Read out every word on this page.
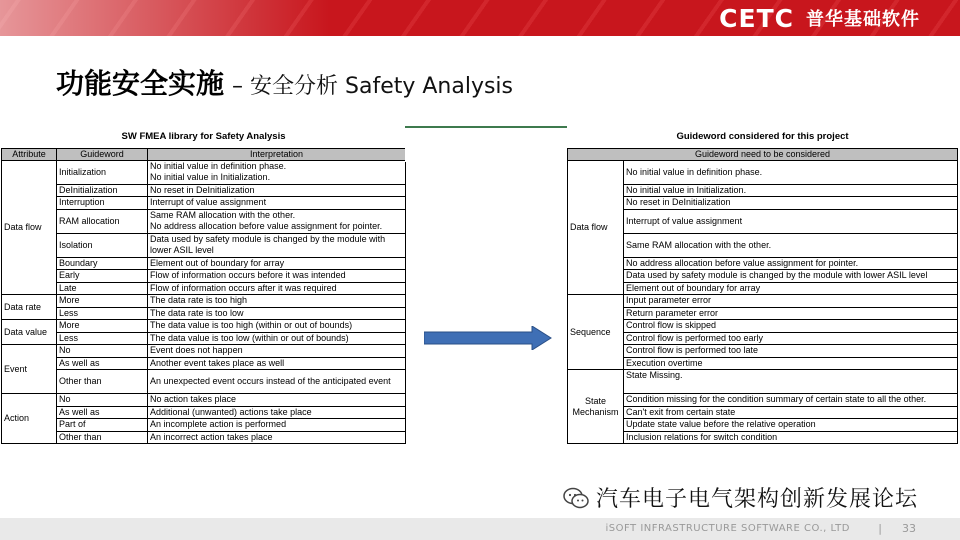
CETC 普华基础软件
功能安全实施 – 安全分析 Safety Analysis
SW FMEA library for Safety Analysis		
Attribute	Guideword	Interpretation
Data flow	Initialization	No initial value in definition phase.
No initial value in Initialization.
	DeInitialization	No reset in DeInitialization
	Interruption	Interrupt of value assignment
	RAM allocation	Same RAM allocation with the other.
No address allocation before value assignment for pointer.
	Isolation	Data used by safety module is changed by the module with lower ASIL level
	Boundary	Element out of boundary for array
	Early	Flow of information occurs before it was intended
	Late	Flow of information occurs after it was required
Data rate	More	The data rate is too high
	Less	The data rate is too low
Data value	More	The data value is too high (within or out of bounds)
	Less	The data value is too low (within or out of bounds)
Event	No	Event does not happen
	As well as	Another event takes place as well
	Other than	An unexpected event occurs instead of the anticipated event
Action	No	No action takes place
	As well as	Additional (unwanted) actions take place
	Part of	An incomplete action is performed
	Other than	An incorrect action takes place
Guideword considered for this project	
Guideword need to be considered	
Data flow	No initial value in definition phase.
	No initial value in Initialization.
	No reset in DeInitialization
	Interrupt of value assignment
	Same RAM allocation with the other.
	No address allocation before value assignment for pointer.
	Data used by safety module is changed by the module with lower ASIL level
	Element out of boundary for array
Sequence	Input parameter error
	Return parameter error
	Control flow is skipped
	Control flow is performed too early
	Control flow is performed too late
	Execution overtime
State Mechanism	State Missing.
	Condition missing for the condition summary of certain state to all the other.
	Can't exit from certain state
	Update state value before the relative operation
	Inclusion relations for switch condition
汽车电子电气架构创新发展论坛
iSOFT INFRASTRUCTURE SOFTWARE CO., LTD	| 33
